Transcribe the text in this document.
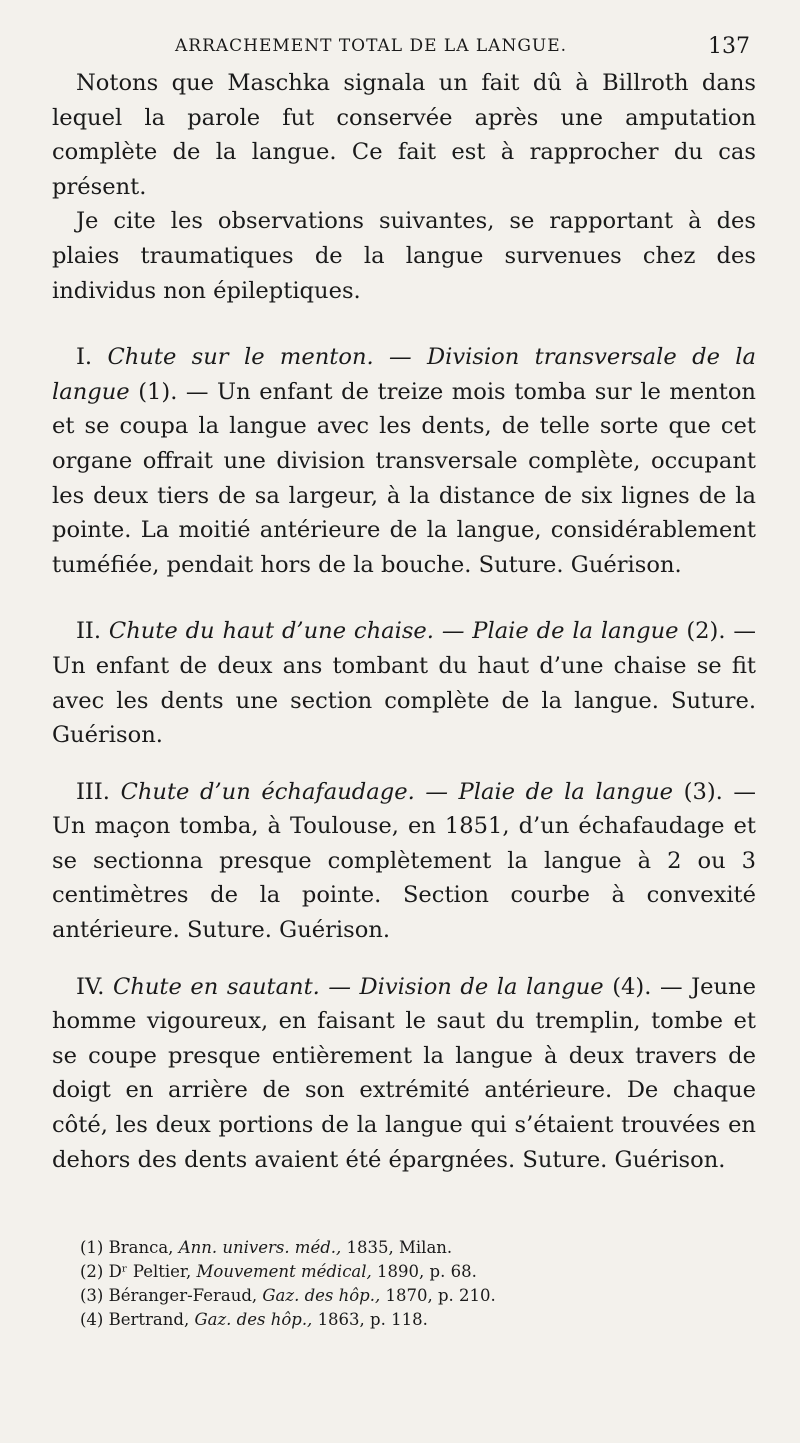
ARRACHEMENT TOTAL DE LA LANGUE.	137

Notons que Maschka signala un fait dû à Billroth dans lequel la parole fut conservée après une amputation complète de la langue. Ce fait est à rapprocher du cas présent.

Je cite les observations suivantes, se rapportant à des plaies traumatiques de la langue survenues chez des individus non épileptiques.

I. Chute sur le menton. — Division transversale de la langue (1). — Un enfant de treize mois tomba sur le menton et se coupa la langue avec les dents, de telle sorte que cet organe offrait une division transversale complète, occupant les deux tiers de sa largeur, à la distance de six lignes de la pointe. La moitié antérieure de la langue, considérablement tuméfiée, pendait hors de la bouche. Suture. Guérison.

II. Chute du haut d’une chaise. — Plaie de la langue (2). — Un enfant de deux ans tombant du haut d’une chaise se fit avec les dents une section complète de la langue. Suture. Guérison.

III. Chute d’un échafaudage. — Plaie de la langue (3). — Un maçon tomba, à Toulouse, en 1851, d’un échafaudage et se sectionna presque complètement la langue à 2 ou 3 centimètres de la pointe. Section courbe à convexité antérieure. Suture. Guérison.

IV. Chute en sautant. — Division de la langue (4). — Jeune homme vigoureux, en faisant le saut du tremplin, tombe et se coupe presque entièrement la langue à deux travers de doigt en arrière de son extrémité antérieure. De chaque côté, les deux portions de la langue qui s’étaient trouvées en dehors des dents avaient été épargnées. Suture. Guérison.

(1) Branca, Ann. univers. méd., 1835, Milan.
(2) Dʳ Peltier, Mouvement médical, 1890, p. 68.
(3) Béranger-Feraud, Gaz. des hôp., 1870, p. 210.
(4) Bertrand, Gaz. des hôp., 1863, p. 118.
